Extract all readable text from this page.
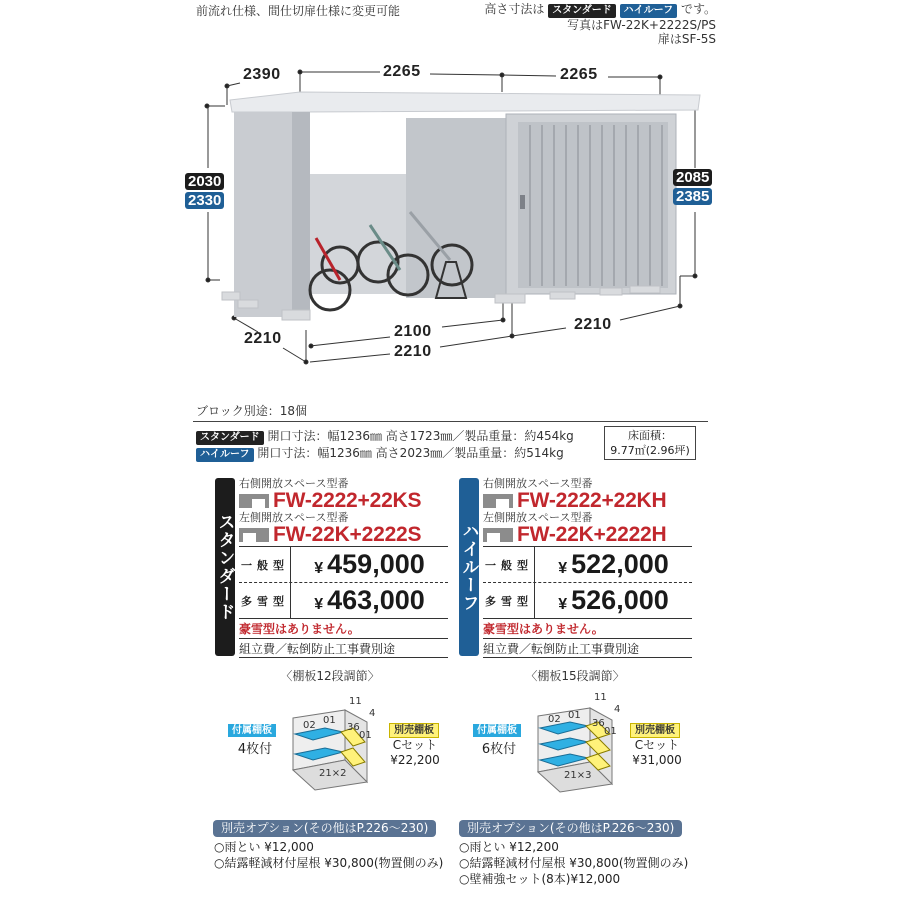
前流れ仕様、間仕切扉仕様に変更可能	高さ寸法は スタンダード ハイルーフ です。
写真はFW-22K+2222S/PS
扉はSF-5S
2390	2265	2265
2030
2330
2085
2385
2210	2100
2210
2210
ブロック別途：18個
スタンダード 開口寸法：幅1236㎜ 高さ1723㎜／製品重量：約454kg
ハイルーフ 開口寸法：幅1236㎜ 高さ2023㎜／製品重量：約514kg
床面積：
9.77㎡(2.96坪)
スタンダード
右側開放スペース型番
FW-2222+22KS
左側開放スペース型番
FW-22K+2222S
一般型	¥ 459,000
多雪型	¥ 463,000
豪雪型はありません。
組立費／転倒防止工事費別途
ハイルーフ
右側開放スペース型番
FW-2222+22KH
左側開放スペース型番
FW-22K+2222H
一般型	¥ 522,000
多雪型	¥ 526,000
豪雪型はありません。
組立費／転倒防止工事費別途
〈棚板12段調節〉
付属棚板
4枚付
別売棚板
Cセット
¥22,200
02 01
11
4
36
01
21×2
〈棚板15段調節〉
付属棚板
6枚付
別売棚板
Cセット
¥31,000
02 01
11
4
36
01
21×3
別売オプション(その他はP.226〜230)
○雨とい ¥12,000
○結露軽減材付屋根 ¥30,800(物置側のみ)
別売オプション(その他はP.226〜230)
○雨とい ¥12,200
○結露軽減材付屋根 ¥30,800(物置側のみ)
○壁補強セット(8本)¥12,000
